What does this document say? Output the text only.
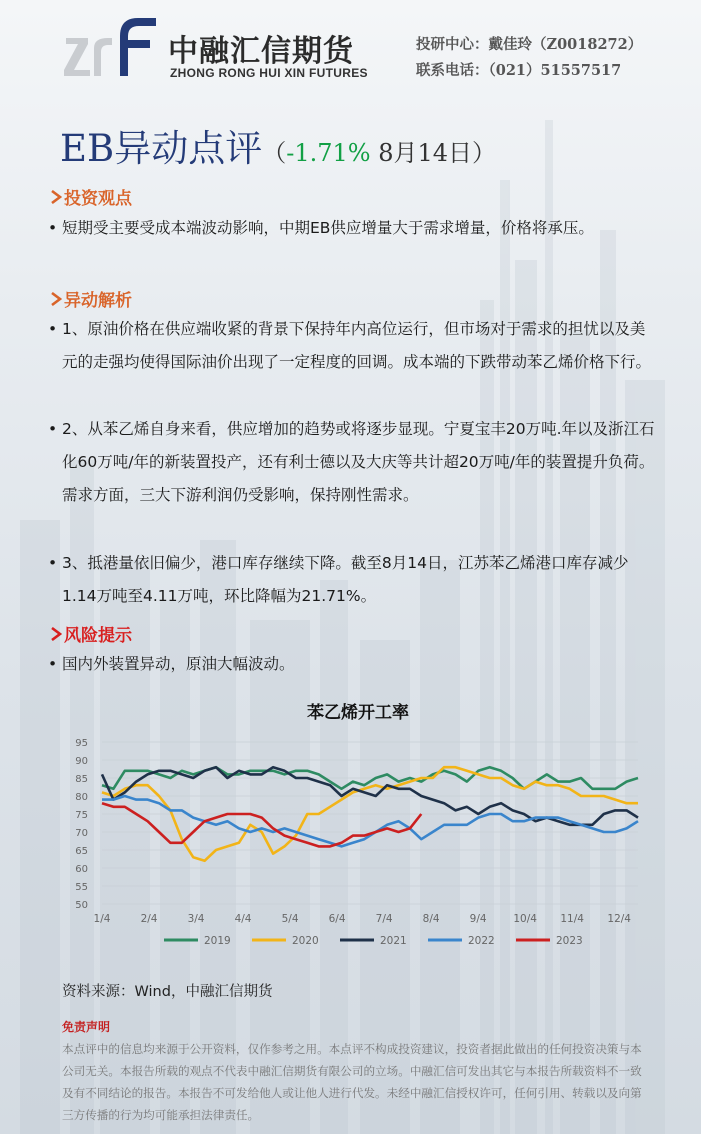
中融汇信期货
ZHONG RONG HUI XIN FUTURES
投研中心：戴佳玲（Z0018272）
联系电话：（021）51557517
EB异动点评（-1.71% 8月14日）
投资观点
• 短期受主要受成本端波动影响，中期EB供应增量大于需求增量，价格将承压。
异动解析
• 1、原油价格在供应端收紧的背景下保持年内高位运行，但市场对于需求的担忧以及美元的走强均使得国际油价出现了一定程度的回调。成本端的下跌带动苯乙烯价格下行。
• 2、从苯乙烯自身来看，供应增加的趋势或将逐步显现。宁夏宝丰20万吨.年以及浙江石化60万吨/年的新装置投产，还有利士德以及大庆等共计超20万吨/年的装置提升负荷。需求方面，三大下游利润仍受影响，保持刚性需求。
• 3、抵港量依旧偏少，港口库存继续下降。截至8月14日，江苏苯乙烯港口库存减少1.14万吨至4.11万吨，环比降幅为21.71%。
风险提示
• 国内外装置异动，原油大幅波动。
苯乙烯开工率
50
55
60
65
70
75
80
85
90
95
1/4	2/4	3/4	4/4	5/4	6/4	7/4	8/4	9/4	10/4 11/4 12/4
2019	2020	2021	2022	2023
资料来源：Wind，中融汇信期货
免责声明
本点评中的信息均来源于公开资料，仅作参考之用。本点评不构成投资建议，投资者据此做出的任何投资决策与本公司无关。本报告所载的观点不代表中融汇信期货有限公司的立场。中融汇信可发出其它与本报告所载资料不一致及有不同结论的报告。本报告不可发给他人或让他人进行代发。未经中融汇信授权许可，任何引用、转载以及向第三方传播的行为均可能承担法律责任。
